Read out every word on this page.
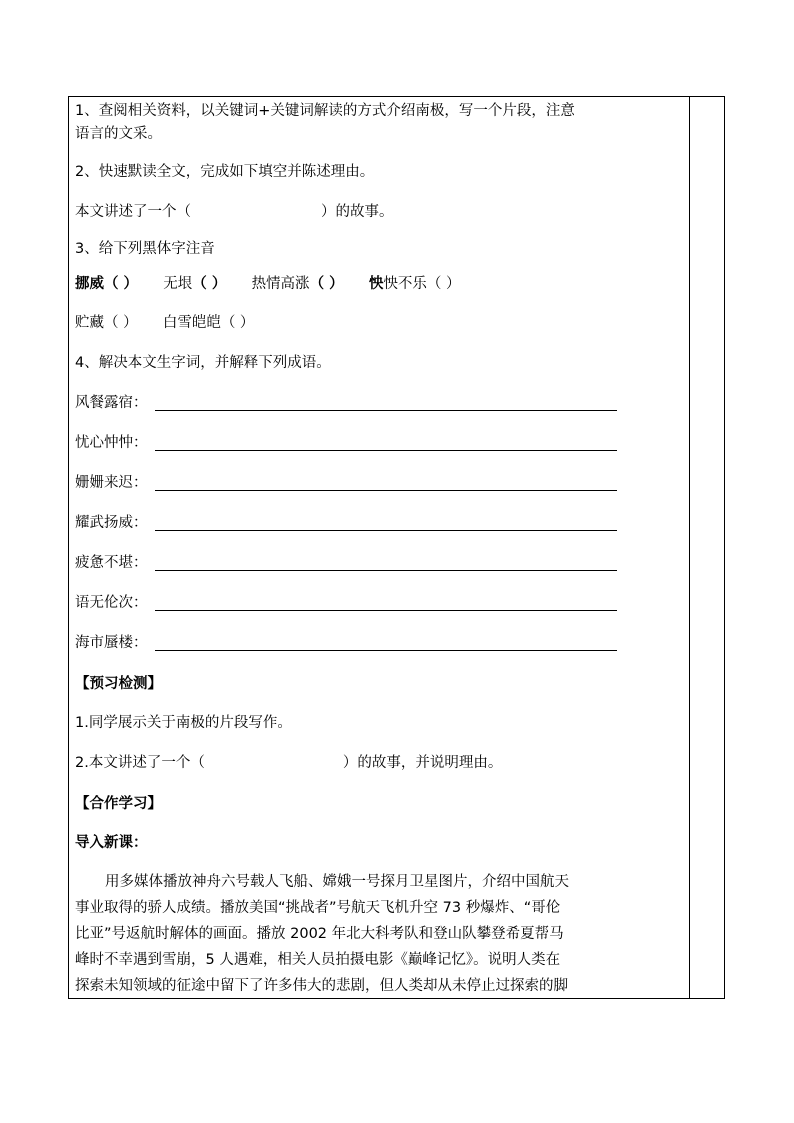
1、查阅相关资料，以关键词+关键词解读的方式介绍南极，写一个片段，注意
语言的文采。
2、快速默读全文，完成如下填空并陈述理由。
本文讲述了一个（	）的故事。
3、给下列黑体字注音
挪威（ ） 无垠（ ） 热情高涨（ ） 怏怏不乐（ ）
贮藏（ ） 白雪皑皑（ ）
4、解决本文生字词，并解释下列成语。
风餐露宿：
忧心忡忡：
姗姗来迟：
耀武扬威：
疲惫不堪：
语无伦次：
海市蜃楼：
【预习检测】
1.同学展示关于南极的片段写作。
2.本文讲述了一个（	）的故事，并说明理由。
【合作学习】
导入新课：
用多媒体播放神舟六号载人飞船、嫦娥一号探月卫星图片，介绍中国航天
事业取得的骄人成绩。播放美国“挑战者”号航天飞机升空 73 秒爆炸、“哥伦
比亚”号返航时解体的画面。播放 2002 年北大科考队和登山队攀登希夏帮马
峰时不幸遇到雪崩，5 人遇难，相关人员拍摄电影《巅峰记忆》。说明人类在
探索未知领域的征途中留下了许多伟大的悲剧，但人类却从未停止过探索的脚
